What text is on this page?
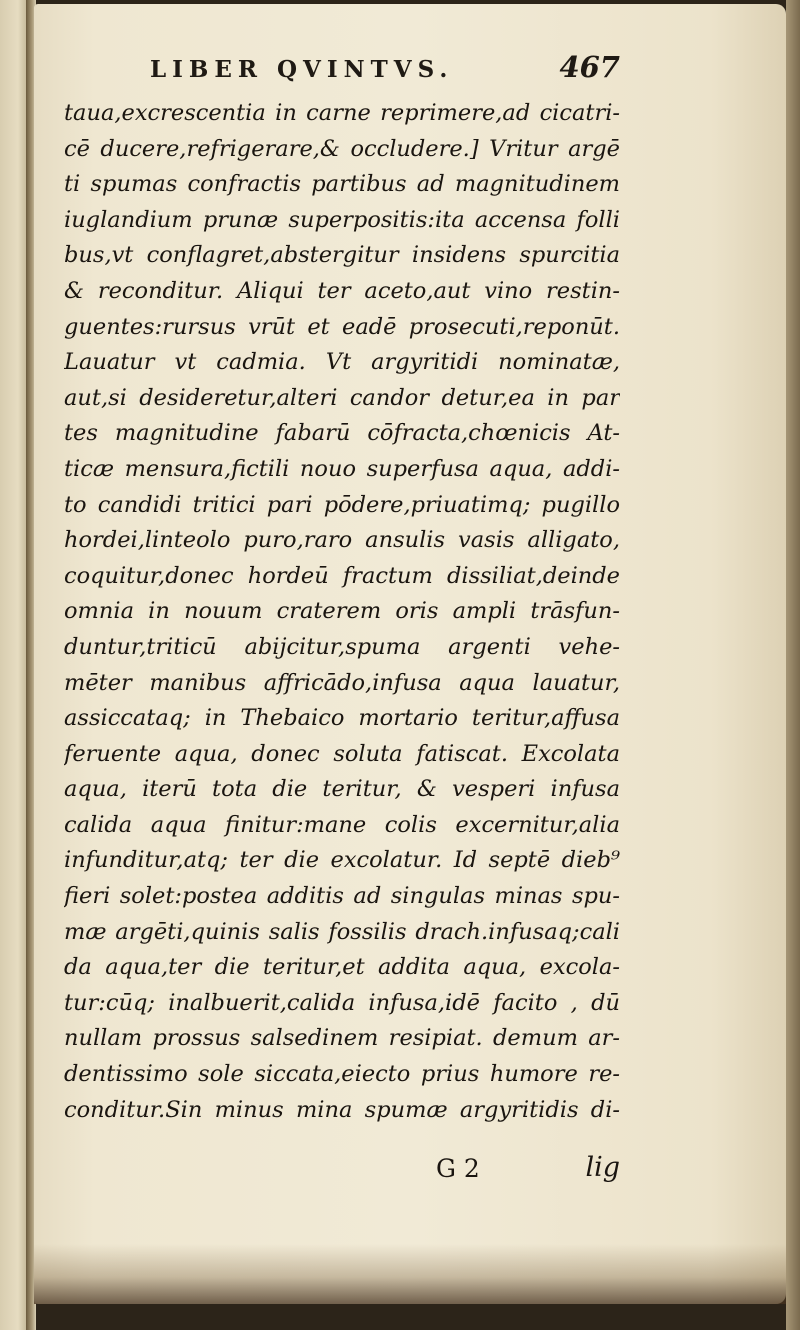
LIBER QVINTVS.	467
taua,excrescentia in carne reprimere,ad cicatri-
cē ducere,refrigerare,& occludere.] Vritur argē
ti spumas confractis partibus ad magnitudinem
iuglandium prunæ superpositis:ita accensa folli
bus,vt conflagret,abstergitur insidens spurcitia
& reconditur. Aliqui ter aceto,aut vino restin-
guentes:rursus vrūt et eadē prosecuti,reponūt.
Lauatur vt cadmia. Vt argyritidi nominatæ,
aut,si desideretur,alteri candor detur,ea in par
tes magnitudine fabarū cōfracta,chœnicis At-
ticæ mensura,fictili nouo superfusa aqua, addi-
to candidi tritici pari pōdere,priuatimq; pugillo
hordei,linteolo puro,raro ansulis vasis alligato,
coquitur,donec hordeū fractum dissiliat,deinde
omnia in nouum craterem oris ampli trāsfun-
duntur,triticū abijcitur,spuma argenti vehe-
mēter manibus affricādo,infusa aqua lauatur,
assiccataq; in Thebaico mortario teritur,affusa
feruente aqua, donec soluta fatiscat. Excolata
aqua, iterū tota die teritur, & vesperi infusa
calida aqua finitur:mane colis excernitur,alia
infunditur,atq; ter die excolatur. Id septē dieb⁹
fieri solet:postea additis ad singulas minas spu-
mæ argēti,quinis salis fossilis drach.infusaq;cali
da aqua,ter die teritur,et addita aqua, excola-
tur:cūq; inalbuerit,calida infusa,idē facito , dū
nullam prossus salsedinem resipiat. demum ar-
dentissimo sole siccata,eiecto prius humore re-
conditur.Sin minus mina spumæ argyritidis di-
G 2	lig
